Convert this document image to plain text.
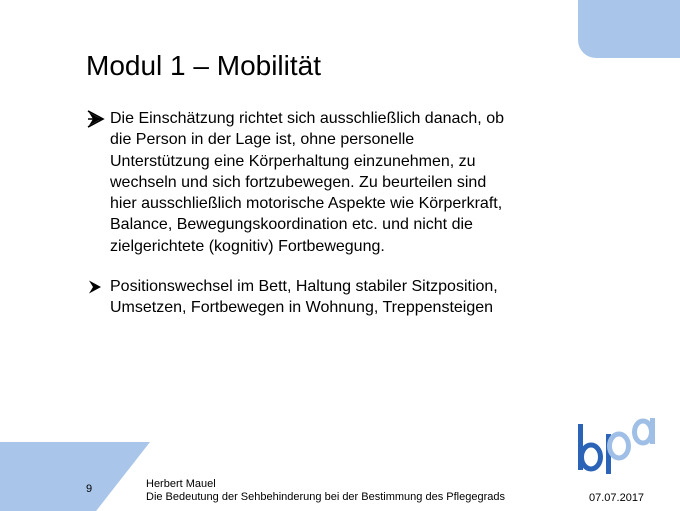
Modul 1 – Mobilität
Die Einschätzung richtet sich ausschließlich danach, ob
die Person in der Lage ist, ohne personelle
Unterstützung eine Körperhaltung einzunehmen, zu
wechseln und sich fortzubewegen. Zu beurteilen sind
hier ausschließlich motorische Aspekte wie Körperkraft,
Balance, Bewegungskoordination etc. und nicht die
zielgerichtete (kognitiv) Fortbewegung.
Positionswechsel im Bett, Haltung stabiler Sitzposition,
Umsetzen, Fortbewegen in Wohnung, Treppensteigen
9	Herbert Mauel
Die Bedeutung der Sehbehinderung bei der Bestimmung des Pflegegrads	07.07.2017
